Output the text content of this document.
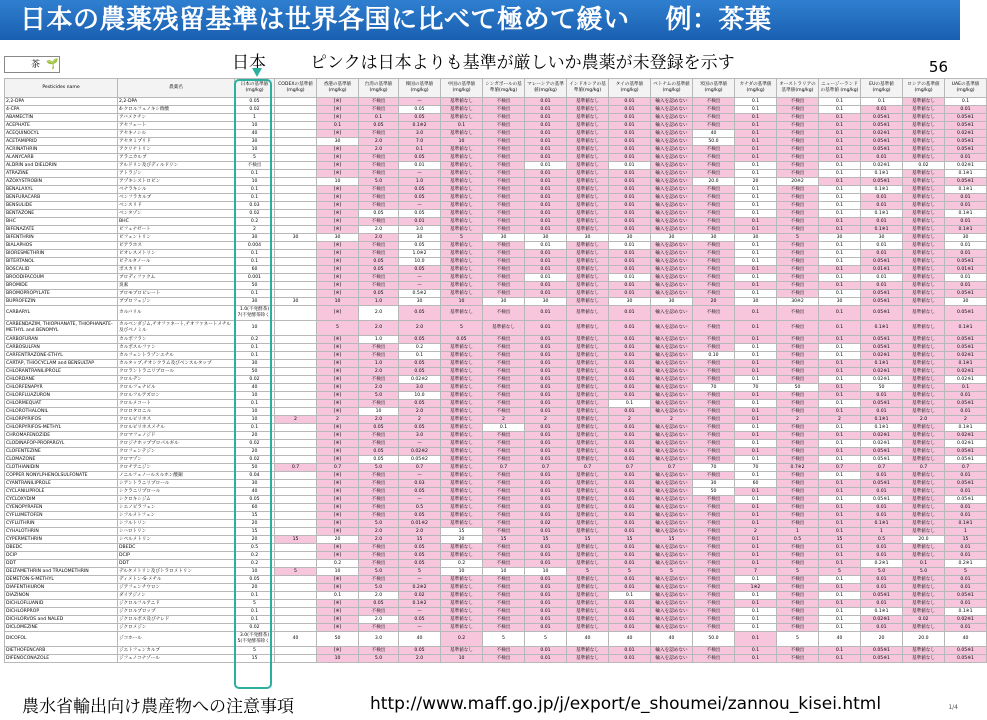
日本の農薬残留基準は世界各国に比べて極めて緩い　 例：茶葉
茶 🌱	日本	ピンクは日本よりも基準が厳しいか農薬が未登録を示す	56
Pesticides name	農薬名	日本の基準値 (mg/kg)	CODEXの基準値 (mg/kg)	香港の基準値 (mg/kg)	台湾の基準値 (mg/kg)	韓国の基準値 (mg/kg)	中国の基準値 (mg/kg)	シンガポールの基準値(mg/kg)	マレーシアの基準値(mg/kg)	インドネシアの基準値(mg/kg)	タイの基準値 (mg/kg)	ベトナムの基準値 (mg/kg)	米国の基準値 (mg/kg)	カナダの基準値 (mg/kg)	オーストラリアの基準値(mg/kg)	ニュージーランドの基準値 (mg/kg)	EUの基準値 (mg/kg)	ロシアの基準値 (mg/kg)	UAEの基準値 (mg/kg)
2,2-DPA	2,2-DPA	0.05		[※]	不検出	—	基準値なし	不検出	0.01	基準値なし	0.01	輸入を認めない	不検出	0.1	不検出	0.1	0.1	基準値なし	0.1
4-CPA	4-クロルフェノキシ酢酸	0.02		[※]	不検出	0.05	基準値なし	不検出	0.01	基準値なし	0.01	輸入を認めない	不検出	0.1	不検出	0.1	0.01	基準値なし	0.01
ABAMECTIN	アバメクチン	1		[※]	0.1	0.05	基準値なし	不検出	0.01	基準値なし	0.01	輸入を認めない	不検出	0.1	不検出	0.1	0.05※1	基準値なし	0.05※1
ACEPHATE	アセフェート	10		0.1	0.05	0.1※2	0.1	不検出	0.01	基準値なし	0.01	輸入を認めない	不検出	0.1	不検出	0.1	0.05※1	基準値なし	0.05※1
ACEQUINOCYL	アセキノシル	40		[※]	不検出	3.0	基準値なし	不検出	0.01	基準値なし	0.01	輸入を認めない	40	0.1	不検出	0.1	0.02※1	基準値なし	0.02※1
ACETAMIPRID	アセタミプリド	30		30	2.0	7.0	10	不検出	0.01	基準値なし	0.01	輸入を認めない	50.0	0.1	不検出	0.1	0.05※1	基準値なし	0.05※1
ACRINATHRIN	アクリナトリン	10		[※]	2.0	0.1	基準値なし	不検出	0.01	基準値なし	0.01	輸入を認めない	不検出	0.1	不検出	0.1	0.05※1	基準値なし	0.05※1
ALANYCARB	アラニカルブ	5		[※]	不検出	0.05	基準値なし	不検出	0.01	基準値なし	0.01	輸入を認めない	不検出	0.1	不検出	0.1	0.01	基準値なし	0.01
ALDRIN and DIELDRIN	アルドリン及びディルドリン	不検出		[※]	不検出	0.01	基準値なし	不検出	0.01	基準値なし	0.01	輸入を認めない	不検出	0.1	不検出	0.1	0.02※1	0.02	0.02※1
ATRAZINE	アトラジン	0.1		[※]	不検出	—	基準値なし	不検出	0.01	基準値なし	0.01	輸入を認めない	不検出	0.1	不検出	0.1	0.1※1	基準値なし	0.1※1
AZOXYSTROBIN	アゾキシストロビン	10		10	5.0	1.0	基準値なし	不検出	0.01	基準値なし	0.01	輸入を認めない	20.0	20	20※2	0.1	0.05※1	基準値なし	0.05※1
BENALAXYL	ベナラキシル	0.1		[※]	不検出	0.05	基準値なし	不検出	0.01	基準値なし	0.01	輸入を認めない	不検出	0.1	不検出	0.1	0.1※1	基準値なし	0.1※1
BENFURACARB	ベンフラカルブ	0.1		[※]	不検出	0.05	基準値なし	不検出	0.01	基準値なし	0.01	輸入を認めない	不検出	0.1	不検出	0.1	0.01	基準値なし	0.01
BENSULIDE	ベンスリド	0.03		[※]	不検出	—	基準値なし	不検出	0.01	基準値なし	0.01	輸入を認めない	不検出	0.1	不検出	0.1	0.01	基準値なし	0.01
BENTAZONE	ベンタゾン	0.02		[※]	0.05	0.05	基準値なし	不検出	0.01	基準値なし	0.01	輸入を認めない	不検出	0.1	不検出	0.1	0.1※1	基準値なし	0.1※1
BHC	BHC	0.2		[※]	不検出	0.01	基準値なし	不検出	0.01	基準値なし	0.01	輸入を認めない	不検出	0.1	不検出	0.1	0.01	基準値なし	0.01
BIFENAZATE	ビフェナゼート	2		[※]	2.0	3.0	基準値なし	不検出	0.01	基準値なし	0.01	輸入を認めない	不検出	0.1	不検出	0.1	0.1※1	基準値なし	0.1※1
BIFENTHRIN	ビフェントリン	30	30	30	2.0	30	5	30	30	30	30	30	30	30	5	30	30	基準値なし	30
BIALAPHOS	ビアラホス	0.004		[※]	不検出	0.05	基準値なし	不検出	0.01	基準値なし	0.01	輸入を認めない	不検出	0.1	不検出	0.1	0.01	基準値なし	0.01
BIORESMETHRIN	ビオレスメトリン	0.1		[※]	不検出	1.0※2	基準値なし	不検出	0.01	基準値なし	0.01	輸入を認めない	不検出	0.1	不検出	0.1	0.01	基準値なし	0.01
BITERTANOL	ビテルタノール	0.1		[※]	0.05	10.0	基準値なし	不検出	0.01	基準値なし	0.01	輸入を認めない	不検出	0.1	不検出	0.1	0.05※1	基準値なし	0.05※1
BOSCALID	ボスカリド	60		[※]	0.05	0.05	基準値なし	不検出	0.01	基準値なし	0.01	輸入を認めない	不検出	0.1	不検出	0.1	0.01※1	基準値なし	0.01※1
BROODIFACOUM	ブロディファクム	0.001		[※]	不検出	—	基準値なし	不検出	0.01	基準値なし	0.01	輸入を認めない	不検出	0.1	不検出	0.1	0.01	基準値なし	0.01
BROMIDE	臭素	50		[※]	不検出	—	基準値なし	不検出	0.01	基準値なし	0.01	輸入を認めない	不検出	0.1	不検出	0.1	0.01	基準値なし	0.01
BROMOPROPYLATE	ブロモプロピレート	0.1		[※]	0.05	0.5※2	基準値なし	不検出	0.01	基準値なし	0.01	輸入を認めない	不検出	0.1	不検出	0.1	0.05※1	基準値なし	0.05※1
BUPROFEZIN	ブプロフェジン	30	30	10	1.0	30	10	30	30	基準値なし	30	30	20	30	30※2	30	0.05※1	基準値なし	30
CARBARYL	カルバリル	1.0(不発酵茶) 7(不発酵茶除く)		[※]	2.0	0.05	基準値なし	不検出	0.01	基準値なし	0.01	輸入を認めない	不検出	0.1	不検出	0.1	0.05※1	基準値なし	0.05※1
CARBENDAZIM, THIOPHANATE, THIOPHANATE-METHYL and BENOMYL	カルベンダジム,チオファネート,チオファネートメチル及びベノミル	10		5	2.0	2.0	5	基準値なし	0.01	基準値なし	0.01	輸入を認めない	不検出	0.1	不検出	0.1	0.1※1	基準値なし	0.1※1
CARBOFURAN	カルボフラン	0.2		[※]	1.0	0.05	0.05	不検出	0.01	基準値なし	0.01	輸入を認めない	不検出	0.1	不検出	0.1	0.05※1	基準値なし	0.05※1
CARBOSULFAN	カルボスルファン	0.1		[※]	不検出	0.2	基準値なし	不検出	0.01	基準値なし	0.01	輸入を認めない	不検出	0.1	不検出	0.1	0.05※1	基準値なし	0.05※1
CARFENTRAZONE-ETHYL	カルフェントラゾンエチル	0.1		[※]	不検出	0.1	基準値なし	不検出	0.01	基準値なし	0.01	輸入を認めない	0.10	0.1	不検出	0.1	0.02※1	基準値なし	0.02※1
CARTAP, THIOCYCLAM and BENSULTAP	カルタップ,チオシクラム及びベンスルタップ	30		[※]	1.0	0.05	基準値なし	不検出	0.01	基準値なし	0.01	輸入を認めない	不検出	0.1	不検出	0.1	0.1※1	基準値なし	0.1※1
CHLORANTRANILIPROLE	クロラントラニリプロール	50		[※]	2.0	0.05	基準値なし	不検出	0.01	基準値なし	0.01	輸入を認めない	不検出	0.1	不検出	0.1	0.02※1	基準値なし	0.02※1
CHLORDANE	クロルデン	0.02		[※]	不検出	0.02※2	基準値なし	不検出	0.01	基準値なし	0.01	輸入を認めない	不検出	0.1	不検出	0.1	0.02※1	基準値なし	0.02※1
CHLORFENAPYR	クロルフェナピル	40		[※]	2.0	3.0	基準値なし	不検出	0.01	基準値なし	0.01	輸入を認めない	70	70	50	0.1	50	基準値なし	0.1
CHLORFLUAZURON	クロルフルアズロン	10		[※]	5.0	10.0	基準値なし	不検出	0.01	基準値なし	0.01	輸入を認めない	不検出	0.1	不検出	0.1	0.01	基準値なし	0.01
CHLORMEQUAT	クロルメコート	0.1		[※]	不検出	0.05	基準値なし	不検出	0.01	基準値なし	0.1	輸入を認めない	不検出	0.1	不検出	0.1	0.05※1	基準値なし	0.05※1
CHLOROTHALONIL	クロロタロニル	10		[※]	10	2.0	基準値なし	不検出	0.01	基準値なし	0.01	輸入を認めない	不検出	0.1	不検出	0.1	0.01	基準値なし	0.01
CHLORPYRIFOS	クロルピリホス	10	2	2	2.0	2	基準値なし	2	2	基準値なし	2	2	不検出	0.1	2	2	0.1※1	2.0	2
CHLORPYRIFOS-METHYL	クロルピリホスメチル	0.1		[※]	0.05	0.05	基準値なし	0.1	0.01	基準値なし	0.01	輸入を認めない	不検出	0.1	不検出	0.1	0.1※1	基準値なし	0.1※1
CHROMAFENOZIDE	クロマフェノジド	20		[※]	不検出	3.0	基準値なし	不検出	0.01	基準値なし	0.01	輸入を認めない	不検出	0.1	不検出	0.1	0.02※1	基準値なし	0.02※1
CLODINAFOP-PROPARGYL	クロジナホッププロパルギル	0.02		[※]	不検出	—	基準値なし	不検出	0.01	基準値なし	0.01	輸入を認めない	不検出	0.1	不検出	0.1	0.02※1	基準値なし	0.02※1
CLOFENTEZINE	クロフェンテジン	20		[※]	0.05	0.02※2	基準値なし	不検出	0.01	基準値なし	0.01	輸入を認めない	不検出	0.1	不検出	0.1	0.05※1	基準値なし	0.05※1
CLOMAZONE	クロマゾン	0.02		[※]	0.05	0.05※2	基準値なし	不検出	0.01	基準値なし	0.01	輸入を認めない	不検出	0.1	不検出	0.1	0.05※1	基準値なし	0.05※1
CLOTHIANIDIN	クロチアニジン	50	0.7	0.7	5.0	0.7	基準値なし	0.7	0.7	0.7	0.7	0.7	70	70	0.7※2	0.7	0.7	0.7	0.7
COPPER NONYLPHENOLSULFONATE	ノニルフェノールスルホン酸銅	0.04		[※]	不検出	—	基準値なし	不検出	0.01	基準値なし	0.01	輸入を認めない	不検出	0.1	不検出	0.1	0.01	基準値なし	0.01
CYANTRANILIPROLE	シアントラニリプロール	30		[※]	不検出	0.03	基準値なし	不検出	0.01	基準値なし	0.01	輸入を認めない	30	60	不検出	0.1	0.05※1	基準値なし	0.05※1
CYCLANILIPROLE	シクラニリプロール	40		[※]	不検出	0.05	基準値なし	不検出	0.01	基準値なし	0.01	輸入を認めない	50	0.1	不検出	0.1	0.01	基準値なし	0.01
CYCLOXYDIM	シクロキシジム	0.05		[※]	不検出	—	基準値なし	不検出	0.01	基準値なし	0.01	輸入を認めない	不検出	0.1	不検出	0.1	0.05※1	基準値なし	0.05※1
CYENOPYRAFEN	シエノピラフェン	60		[※]	不検出	0.5	基準値なし	不検出	0.01	基準値なし	0.01	輸入を認めない	不検出	0.1	不検出	0.1	0.01	基準値なし	0.01
CYFLUMETOFEN	シフルメトフェン	15		[※]	不検出	0.05	基準値なし	不検出	0.01	基準値なし	0.01	輸入を認めない	不検出	0.1	不検出	0.1	0.01	基準値なし	0.01
CYFLUTHRIN	シフルトリン	20		[※]	5.0	0.01※2	基準値なし	不検出	0.02	基準値なし	0.01	輸入を認めない	不検出	0.1	不検出	0.1	0.1※1	基準値なし	0.1※1
CYHALOTHRIN	シハロトリン	15		[※]	2.0	2.0	15	不検出	0.01	基準値なし	0.01	輸入を認めない	不検出	2	1	0.1	1	基準値なし	1
CYPERMETHRIN	シペルメトリン	20	15	20	2.0	15	20	15	15	15	15	15	不検出	0.1	0.5	15	0.5	20.0	15
DBEDC	DBEDC	0.5		[※]	不検出	0.05	基準値なし	不検出	0.01	基準値なし	0.01	輸入を認めない	不検出	0.1	不検出	0.1	0.01	基準値なし	0.01
DCIP	DCIP	0.2		[※]	不検出	0.05	基準値なし	不検出	0.01	基準値なし	0.01	輸入を認めない	不検出	0.1	不検出	0.1	0.01	基準値なし	0.01
DDT	DDT	0.2		0.2	不検出	0.05	0.2	不検出	0.01	基準値なし	0.01	輸入を認めない	不検出	0.1	不検出	0.1	0.2※1	0.1	0.2※1
DELTAMETHRIN and TRALOMETHRIN	デルタメトリン及びトラロメトリン	10	5	10	5.0	5	10	10	10	5	5	5	不検出	7	5	5	5.0	5.0	5
DEMETON-S-METHYL	ディメトン-S-メチル	0.05		[※]	不検出	—	基準値なし	不検出	0.01	基準値なし	0.01	輸入を認めない	不検出	0.1	不検出	0.1	0.01	基準値なし	0.01
DIAFENTHIURON	ジアフェンチウロン	20		[※]	5.0	0.2※2	基準値なし	不検出	0.01	基準値なし	0.01	輸入を認めない	不検出	1※2	不検出	0.1	0.01	基準値なし	0.01
DIAZINON	ダイアジノン	0.1		0.1	2.0	0.02	基準値なし	不検出	0.01	基準値なし	0.1	輸入を認めない	不検出	0.1	不検出	0.1	0.05※1	基準値なし	0.05※1
DICHLOFLUANID	ジクロルフルアニド	5		[※]	0.05	0.1※2	基準値なし	不検出	0.01	基準値なし	0.01	輸入を認めない	不検出	0.1	不検出	0.1	0.01	基準値なし	0.01
DICHLORPROP	ジクロルプロップ	0.1		[※]	不検出	—	基準値なし	不検出	0.01	基準値なし	0.01	輸入を認めない	不検出	0.1	不検出	0.1	0.1※1	基準値なし	0.1※1
DICHLORVOS and NALED	ジクロルボス及びナレド	0.1		[※]	2.0	0.05	基準値なし	不検出	0.01	基準値なし	0.01	輸入を認めない	不検出	0.1	不検出	0.1	0.02※1	0.02	0.02※1
DICLOMEZINE	ジクロメジン	0.02		[※]	不検出	—	基準値なし	不検出	0.01	基準値なし	0.01	輸入を認めない	不検出	0.1	不検出	0.1	0.01	基準値なし	0.01
DICOFOL	ジコホール	3.0(不発酵茶) 5(不発酵茶除く)	40	50	3.0	40	0.2	5	5	40	40	40	50.0	0.1	5	40	20	20.0	40
DIETHOFENCARB	ジエトフェンカルブ	5		[※]	不検出	0.05	基準値なし	不検出	0.01	基準値なし	0.01	輸入を認めない	不検出	0.1	不検出	0.1	0.05※1	基準値なし	0.05※1
DIFENOCONAZOLE	ジフェノコナゾール	15		10	5.0	2.0	10	不検出	0.01	基準値なし	0.01	輸入を認めない	不検出	0.1	不検出	0.1	0.05※1	基準値なし	0.05※1
農水省輸出向け農産物への注意事項	http://www.maff.go.jp/j/export/e_shoumei/zannou_kisei.html	1/4
